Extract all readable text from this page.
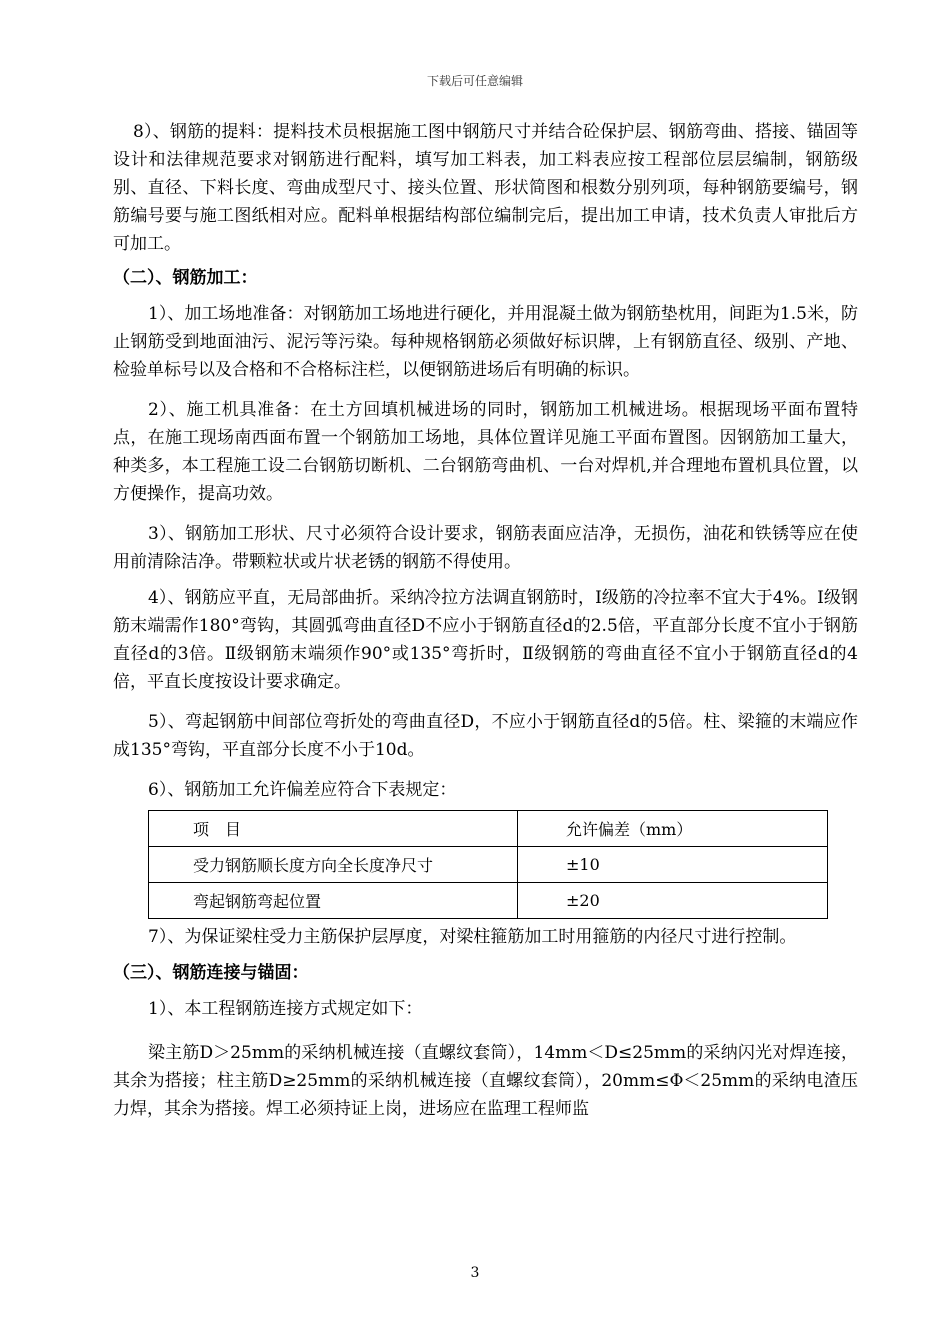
下载后可任意编辑

8）、钢筋的提料：提料技术员根据施工图中钢筋尺寸并结合砼保护层、钢筋弯曲、搭接、锚固等设计和法律规范要求对钢筋进行配料，填写加工料表，加工料表应按工程部位层层编制，钢筋级别、直径、下料长度、弯曲成型尺寸、接头位置、形状简图和根数分别列项，每种钢筋要编号，钢筋编号要与施工图纸相对应。配料单根据结构部位编制完后，提出加工申请，技术负责人审批后方可加工。

（二）、钢筋加工：

1）、加工场地准备：对钢筋加工场地进行硬化，并用混凝土做为钢筋垫枕用，间距为1.5米，防止钢筋受到地面油污、泥污等污染。每种规格钢筋必须做好标识牌，上有钢筋直径、级别、产地、检验单标号以及合格和不合格标注栏，以便钢筋进场后有明确的标识。

2）、施工机具准备：在土方回填机械进场的同时，钢筋加工机械进场。根据现场平面布置特点，在施工现场南西面布置一个钢筋加工场地，具体位置详见施工平面布置图。因钢筋加工量大，种类多，本工程施工设二台钢筋切断机、二台钢筋弯曲机、一台对焊机,并合理地布置机具位置，以方便操作，提高功效。

3）、钢筋加工形状、尺寸必须符合设计要求，钢筋表面应洁净，无损伤，油花和铁锈等应在使用前清除洁净。带颗粒状或片状老锈的钢筋不得使用。

4）、钢筋应平直，无局部曲折。采纳冷拉方法调直钢筋时，Ⅰ级筋的冷拉率不宜大于4%。Ⅰ级钢筋末端需作180°弯钩，其圆弧弯曲直径D不应小于钢筋直径d的2.5倍，平直部分长度不宜小于钢筋直径d的3倍。Ⅱ级钢筋末端须作90°或135°弯折时，Ⅱ级钢筋的弯曲直径不宜小于钢筋直径d的4倍，平直长度按设计要求确定。

5）、弯起钢筋中间部位弯折处的弯曲直径D，不应小于钢筋直径d的5倍。柱、梁箍的末端应作成135°弯钩，平直部分长度不小于10d。

6）、钢筋加工允许偏差应符合下表规定：

项　目	允许偏差（mm）
受力钢筋顺长度方向全长度净尺寸	±10
弯起钢筋弯起位置	±20

7）、为保证梁柱受力主筋保护层厚度，对梁柱箍筋加工时用箍筋的内径尺寸进行控制。

（三）、钢筋连接与锚固：

1）、本工程钢筋连接方式规定如下：

梁主筋D＞25mm的采纳机械连接（直螺纹套筒），14mm＜D≤25mm的采纳闪光对焊连接，其余为搭接；柱主筋D≥25mm的采纳机械连接（直螺纹套筒），20mm≤Φ＜25mm的采纳电渣压力焊，其余为搭接。焊工必须持证上岗，进场应在监理工程师监

3
